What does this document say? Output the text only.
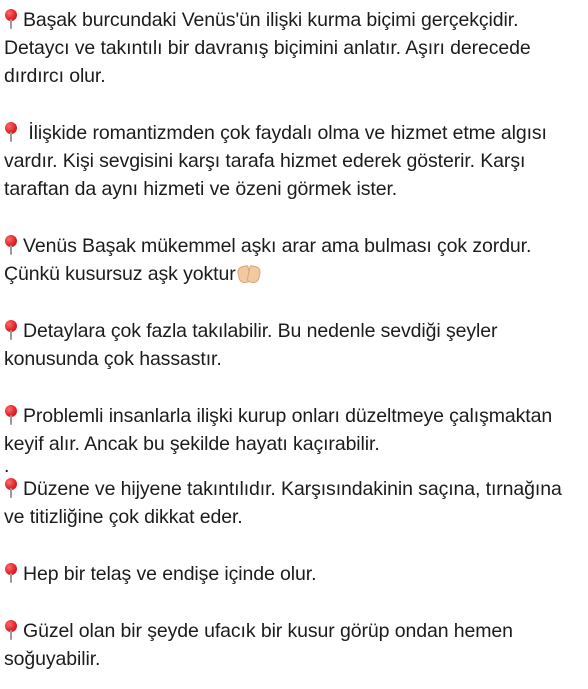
Başak burcundaki Venüs'ün ilişki kurma biçimi gerçekçidir. Detaycı ve takıntılı bir davranış biçimini anlatır. Aşırı derecede dırdırcı olur.

İlişkide romantizmden çok faydalı olma ve hizmet etme algısı vardır. Kişi sevgisini karşı tarafa hizmet ederek gösterir. Karşı taraftan da aynı hizmeti ve özeni görmek ister.

Venüs Başak mükemmel aşkı arar ama bulması çok zordur. Çünkü kusursuz aşk yoktur

Detaylara çok fazla takılabilir. Bu nedenle sevdiği şeyler konusunda çok hassastır.

Problemli insanlarla ilişki kurup onları düzeltmeye çalışmaktan keyif alır. Ancak bu şekilde hayatı kaçırabilir.

.

Düzene ve hijyene takıntılıdır. Karşısındakinin saçına, tırnağına ve titizliğine çok dikkat eder.

Hep bir telaş ve endişe içinde olur.

Güzel olan bir şeyde ufacık bir kusur görüp ondan hemen soğuyabilir.
